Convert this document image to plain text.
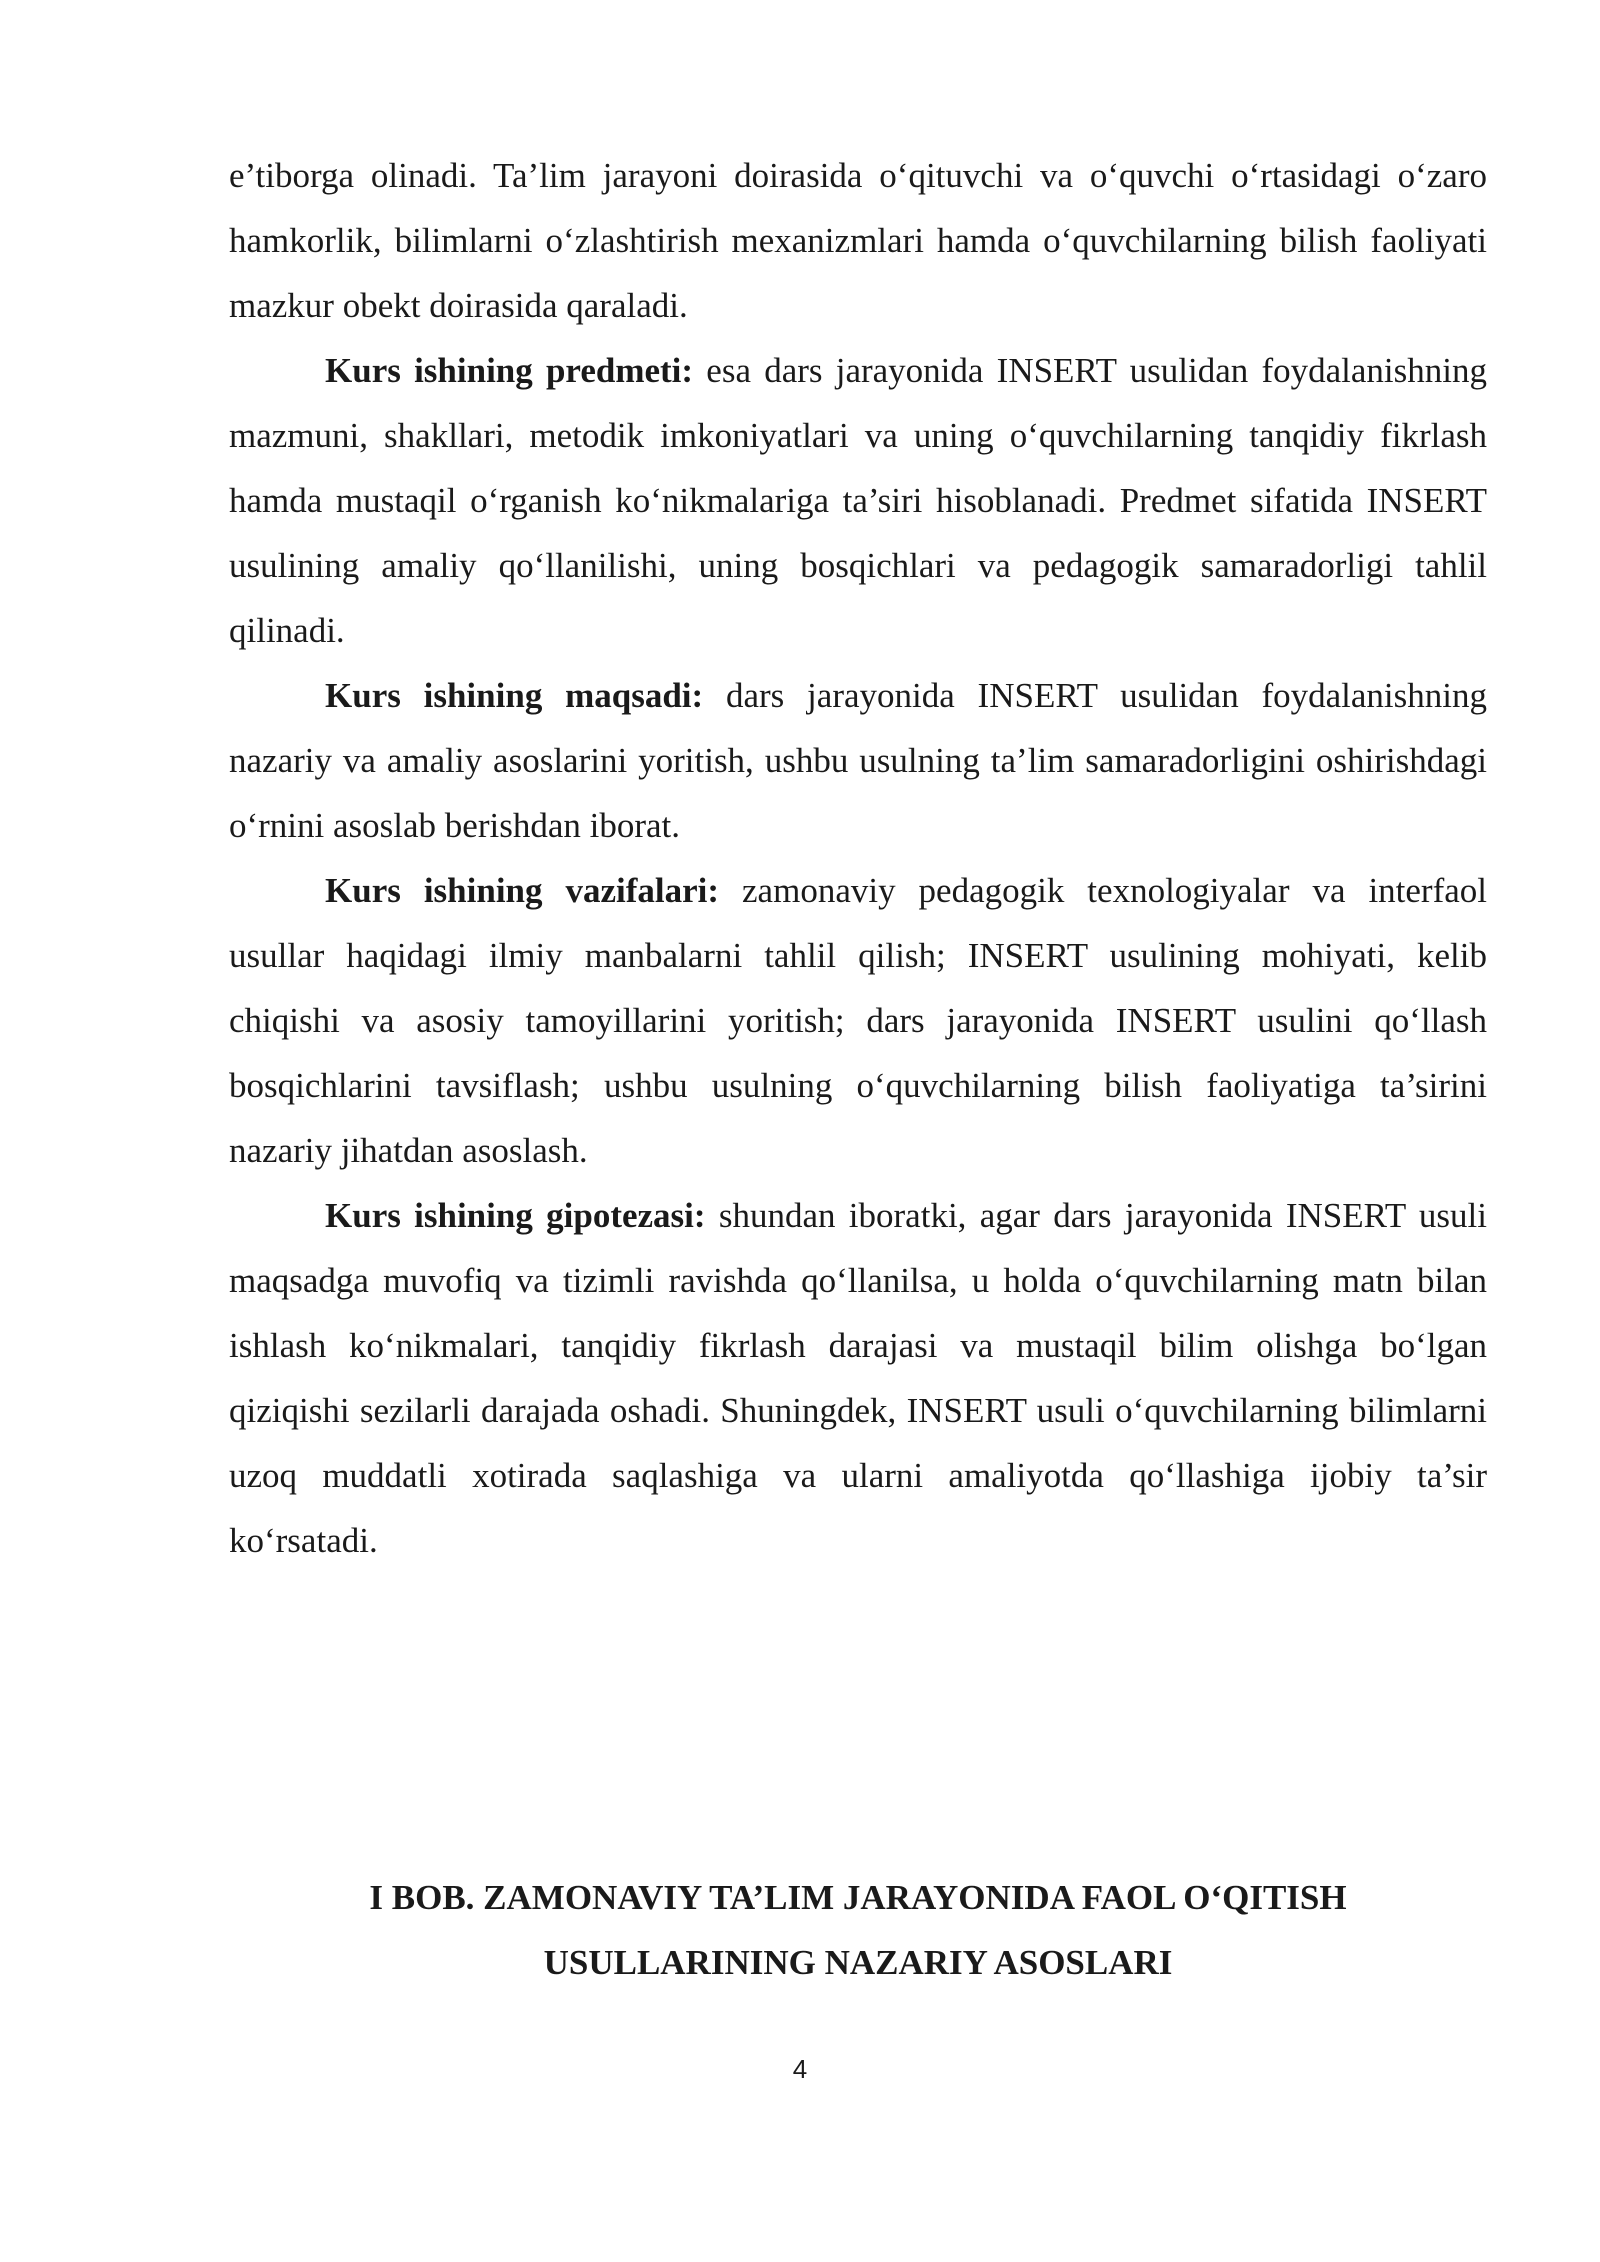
e’tiborga olinadi. Ta’lim jarayoni doirasida o‘qituvchi va o‘quvchi o‘rtasidagi o‘zaro hamkorlik, bilimlarni o‘zlashtirish mexanizmlari hamda o‘quvchilarning bilish faoliyati mazkur obekt doirasida qaraladi.

Kurs ishining predmeti: esa dars jarayonida INSERT usulidan foydalanishning mazmuni, shakllari, metodik imkoniyatlari va uning o‘quvchilarning tanqidiy fikrlash hamda mustaqil o‘rganish ko‘nikmalariga ta’siri hisoblanadi. Predmet sifatida INSERT usulining amaliy qo‘llanilishi, uning bosqichlari va pedagogik samaradorligi tahlil qilinadi.

Kurs ishining maqsadi: dars jarayonida INSERT usulidan foydalanishning nazariy va amaliy asoslarini yoritish, ushbu usulning ta’lim samaradorligini oshirishdagi o‘rnini asoslab berishdan iborat.

Kurs ishining vazifalari: zamonaviy pedagogik texnologiyalar va interfaol usullar haqidagi ilmiy manbalarni tahlil qilish; INSERT usulining mohiyati, kelib chiqishi va asosiy tamoyillarini yoritish; dars jarayonida INSERT usulini qo‘llash bosqichlarini tavsiflash; ushbu usulning o‘quvchilarning bilish faoliyatiga ta’sirini nazariy jihatdan asoslash.

Kurs ishining gipotezasi: shundan iboratki, agar dars jarayonida INSERT usuli maqsadga muvofiq va tizimli ravishda qo‘llanilsa, u holda o‘quvchilarning matn bilan ishlash ko‘nikmalari, tanqidiy fikrlash darajasi va mustaqil bilim olishga bo‘lgan qiziqishi sezilarli darajada oshadi. Shuningdek, INSERT usuli o‘quvchilarning bilimlarni uzoq muddatli xotirada saqlashiga va ularni amaliyotda qo‘llashiga ijobiy ta’sir ko‘rsatadi.

I BOB. ZAMONAVIY TA’LIM JARAYONIDA FAOL O‘QITISH
USULLARINING NAZARIY ASOSLARI
4
